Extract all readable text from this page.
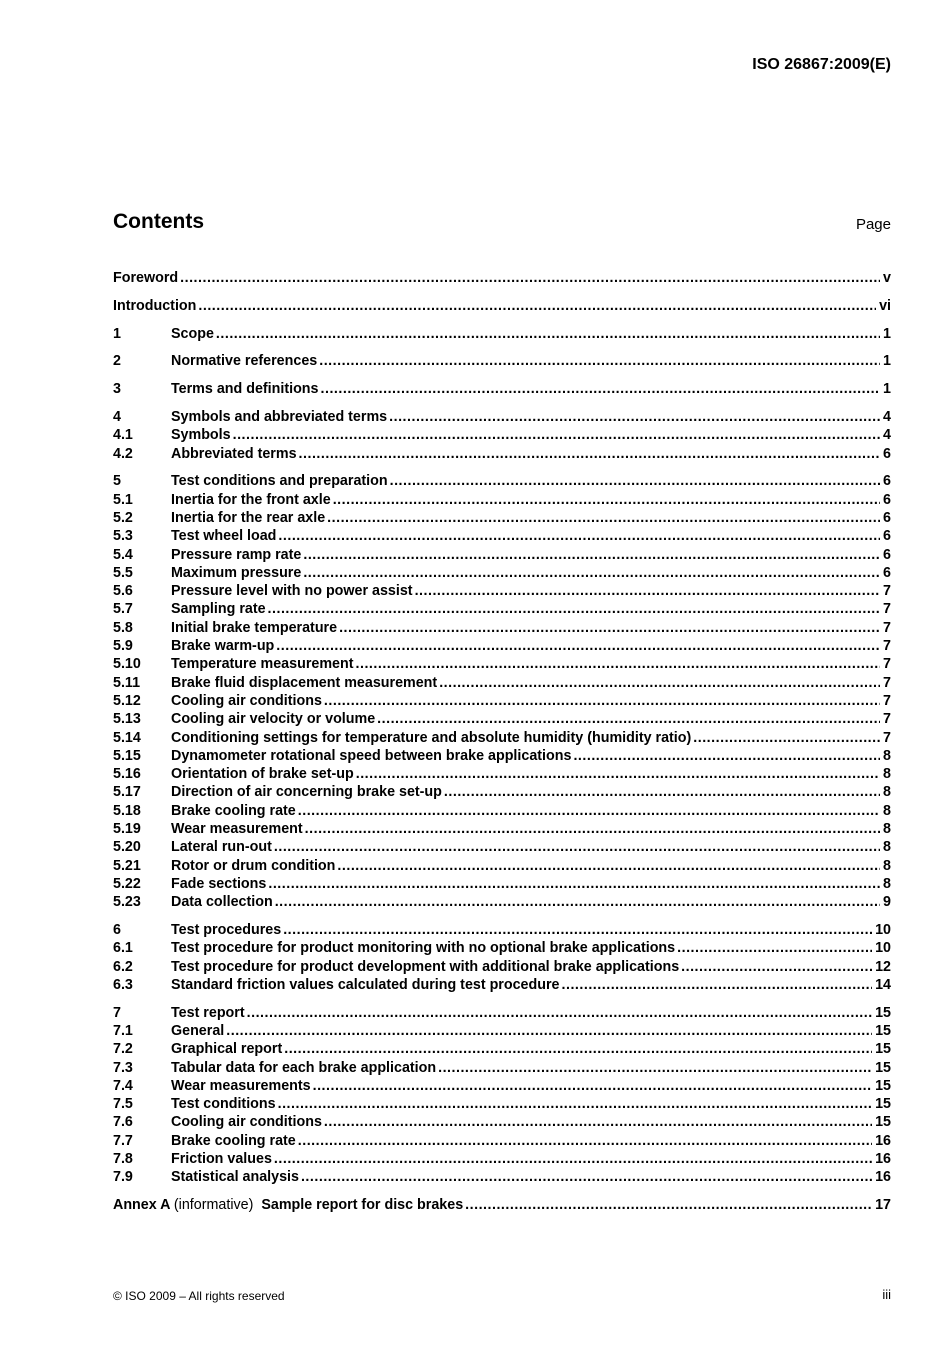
ISO 26867:2009(E)
Contents	Page
Foreword .....	v
Introduction .....	vi
1	Scope .....	1
2	Normative references .....	1
3	Terms and definitions .....	1
4	Symbols and abbreviated terms .....	4
4.1	Symbols .....	4
4.2	Abbreviated terms .....	6
5	Test conditions and preparation .....	6
5.1	Inertia for the front axle .....	6
5.2	Inertia for the rear axle .....	6
5.3	Test wheel load .....	6
5.4	Pressure ramp rate .....	6
5.5	Maximum pressure .....	6
5.6	Pressure level with no power assist .....	7
5.7	Sampling rate .....	7
5.8	Initial brake temperature .....	7
5.9	Brake warm-up .....	7
5.10	Temperature measurement .....	7
5.11	Brake fluid displacement measurement .....	7
5.12	Cooling air conditions .....	7
5.13	Cooling air velocity or volume .....	7
5.14	Conditioning settings for temperature and absolute humidity (humidity ratio) .....	7
5.15	Dynamometer rotational speed between brake applications .....	8
5.16	Orientation of brake set-up .....	8
5.17	Direction of air concerning brake set-up .....	8
5.18	Brake cooling rate .....	8
5.19	Wear measurement .....	8
5.20	Lateral run-out .....	8
5.21	Rotor or drum condition .....	8
5.22	Fade sections .....	8
5.23	Data collection .....	9
6	Test procedures .....	10
6.1	Test procedure for product monitoring with no optional brake applications .....	10
6.2	Test procedure for product development with additional brake applications .....	12
6.3	Standard friction values calculated during test procedure .....	14
7	Test report .....	15
7.1	General .....	15
7.2	Graphical report .....	15
7.3	Tabular data for each brake application .....	15
7.4	Wear measurements .....	15
7.5	Test conditions .....	15
7.6	Cooling air conditions .....	15
7.7	Brake cooling rate .....	16
7.8	Friction values .....	16
7.9	Statistical analysis .....	16
Annex A (informative) Sample report for disc brakes .....	17
© ISO 2009 – All rights reserved	iii
